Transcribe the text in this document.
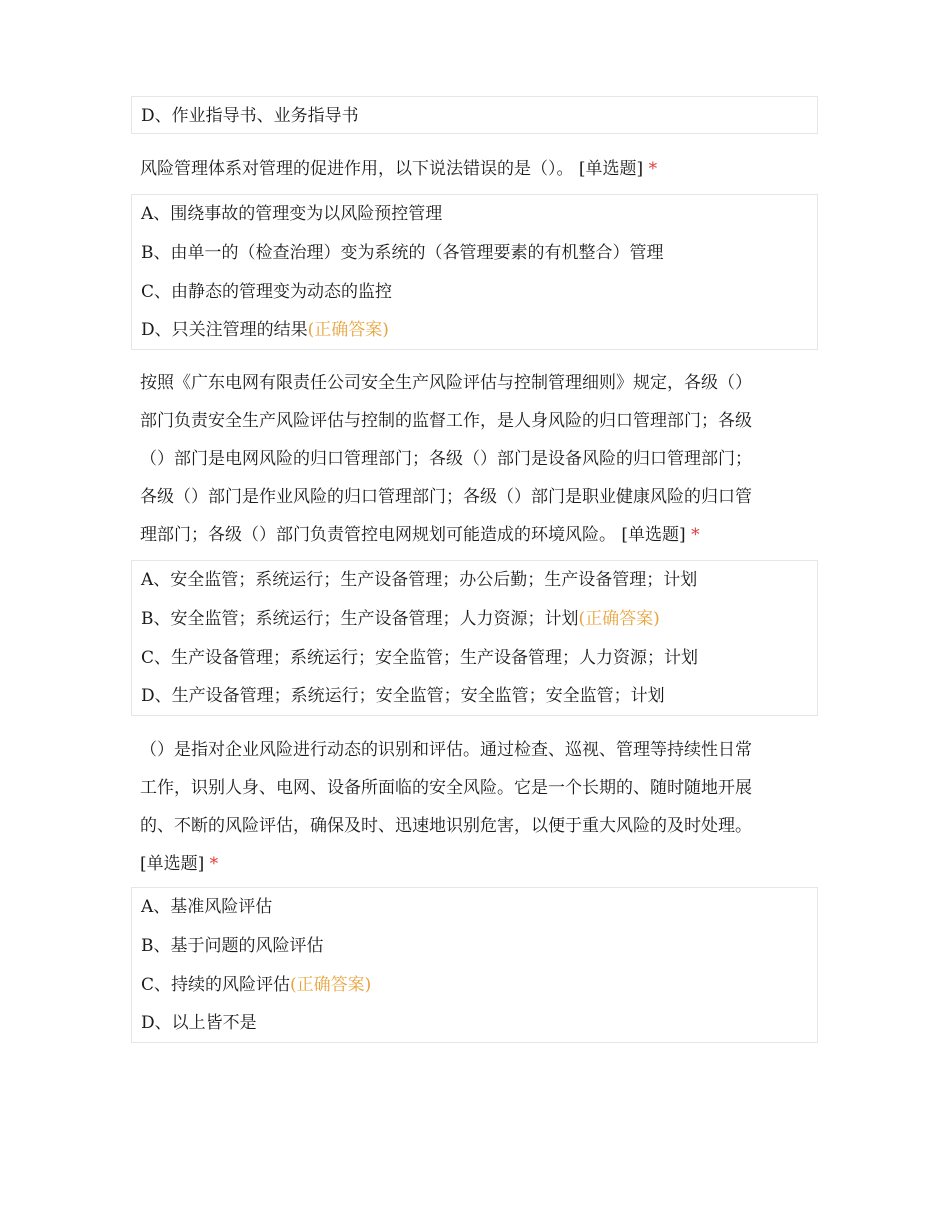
D、作业指导书、业务指导书
风险管理体系对管理的促进作用，以下说法错误的是（）。 [单选题] *
A、围绕事故的管理变为以风险预控管理
B、由单一的（检查治理）变为系统的（各管理要素的有机整合）管理
C、由静态的管理变为动态的监控
D、只关注管理的结果(正确答案)
按照《广东电网有限责任公司安全生产风险评估与控制管理细则》规定，各级（）
部门负责安全生产风险评估与控制的监督工作，是人身风险的归口管理部门；各级
（）部门是电网风险的归口管理部门；各级（）部门是设备风险的归口管理部门；
各级（）部门是作业风险的归口管理部门；各级（）部门是职业健康风险的归口管
理部门；各级（）部门负责管控电网规划可能造成的环境风险。 [单选题] *
A、安全监管；系统运行；生产设备管理；办公后勤；生产设备管理；计划
B、安全监管；系统运行；生产设备管理；人力资源；计划(正确答案)
C、生产设备管理；系统运行；安全监管；生产设备管理；人力资源；计划
D、生产设备管理；系统运行；安全监管；安全监管；安全监管；计划
（）是指对企业风险进行动态的识别和评估。通过检查、巡视、管理等持续性日常
工作，识别人身、电网、设备所面临的安全风险。它是一个长期的、随时随地开展
的、不断的风险评估，确保及时、迅速地识别危害，以便于重大风险的及时处理。
[单选题] *
A、基准风险评估
B、基于问题的风险评估
C、持续的风险评估(正确答案)
D、以上皆不是
